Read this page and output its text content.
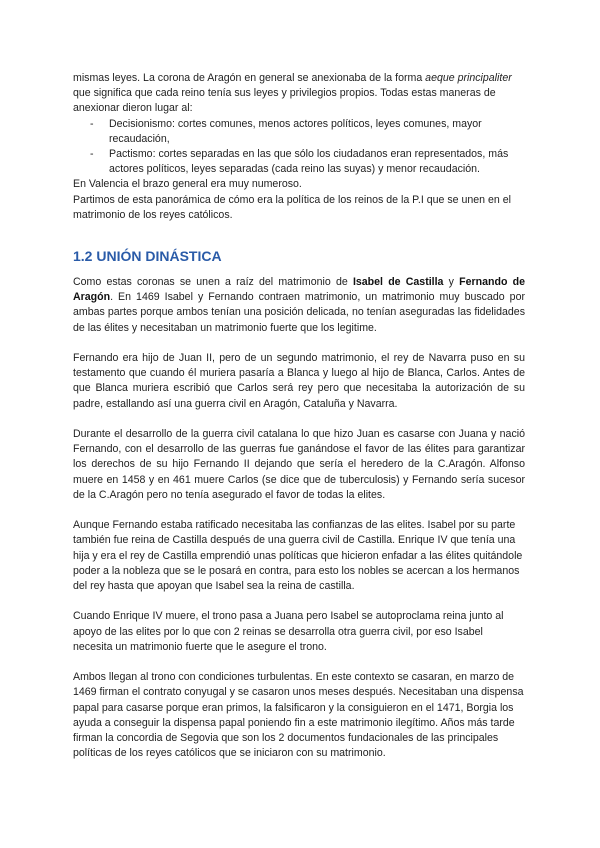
mismas leyes. La corona de Aragón en general se anexionaba de la forma aeque principaliter que significa que cada reino tenía sus leyes y privilegios propios. Todas estas maneras de anexionar dieron lugar al:

- Decisionismo: cortes comunes, menos actores políticos, leyes comunes, mayor recaudación,
- Pactismo: cortes separadas en las que sólo los ciudadanos eran representados, más actores políticos, leyes separadas (cada reino las suyas) y menor recaudación.

En Valencia el brazo general era muy numeroso.

Partimos de esta panorámica de cómo era la política de los reinos de la P.I que se unen en el matrimonio de los reyes católicos.

1.2 UNIÓN DINÁSTICA

Como estas coronas se unen a raíz del matrimonio de Isabel de Castilla y Fernando de Aragón. En 1469 Isabel y Fernando contraen matrimonio, un matrimonio muy buscado por ambas partes porque ambos tenían una posición delicada, no tenían aseguradas las fidelidades de las élites y necesitaban un matrimonio fuerte que los legitime.

Fernando era hijo de Juan II, pero de un segundo matrimonio, el rey de Navarra puso en su testamento que cuando él muriera pasaría a Blanca y luego al hijo de Blanca, Carlos. Antes de que Blanca muriera escribió que Carlos será rey pero que necesitaba la autorización de su padre, estallando así una guerra civil en Aragón, Cataluña y Navarra.

Durante el desarrollo de la guerra civil catalana lo que hizo Juan es casarse con Juana y nació Fernando, con el desarrollo de las guerras fue ganándose el favor de las élites para garantizar los derechos de su hijo Fernando II dejando que sería el heredero de la C.Aragón. Alfonso muere en 1458 y en 461 muere Carlos (se dice que de tuberculosis) y Fernando sería sucesor de la C.Aragón pero no tenía asegurado el favor de todas la elites.

Aunque Fernando estaba ratificado necesitaba las confianzas de las elites. Isabel por su parte también fue reina de Castilla después de una guerra civil de Castilla. Enrique IV que tenía una hija y era el rey de Castilla emprendió unas políticas que hicieron enfadar a las élites quitándole poder a la nobleza que se le posará en contra, para esto los nobles se acercan a los hermanos del rey hasta que apoyan que Isabel sea la reina de castilla.

Cuando Enrique IV muere, el trono pasa a Juana pero Isabel se autoproclama reina junto al apoyo de las elites por lo que con 2 reinas se desarrolla otra guerra civil, por eso Isabel necesita un matrimonio fuerte que le asegure el trono.

Ambos llegan al trono con condiciones turbulentas. En este contexto se casaran, en marzo de 1469 firman el contrato conyugal y se casaron unos meses después. Necesitaban una dispensa papal para casarse porque eran primos, la falsificaron y la consiguieron en el 1471, Borgia los ayuda a conseguir la dispensa papal poniendo fin a este matrimonio ilegítimo. Años más tarde firman la concordia de Segovia que son los 2 documentos fundacionales de las principales políticas de los reyes católicos que se iniciaron con su matrimonio.
